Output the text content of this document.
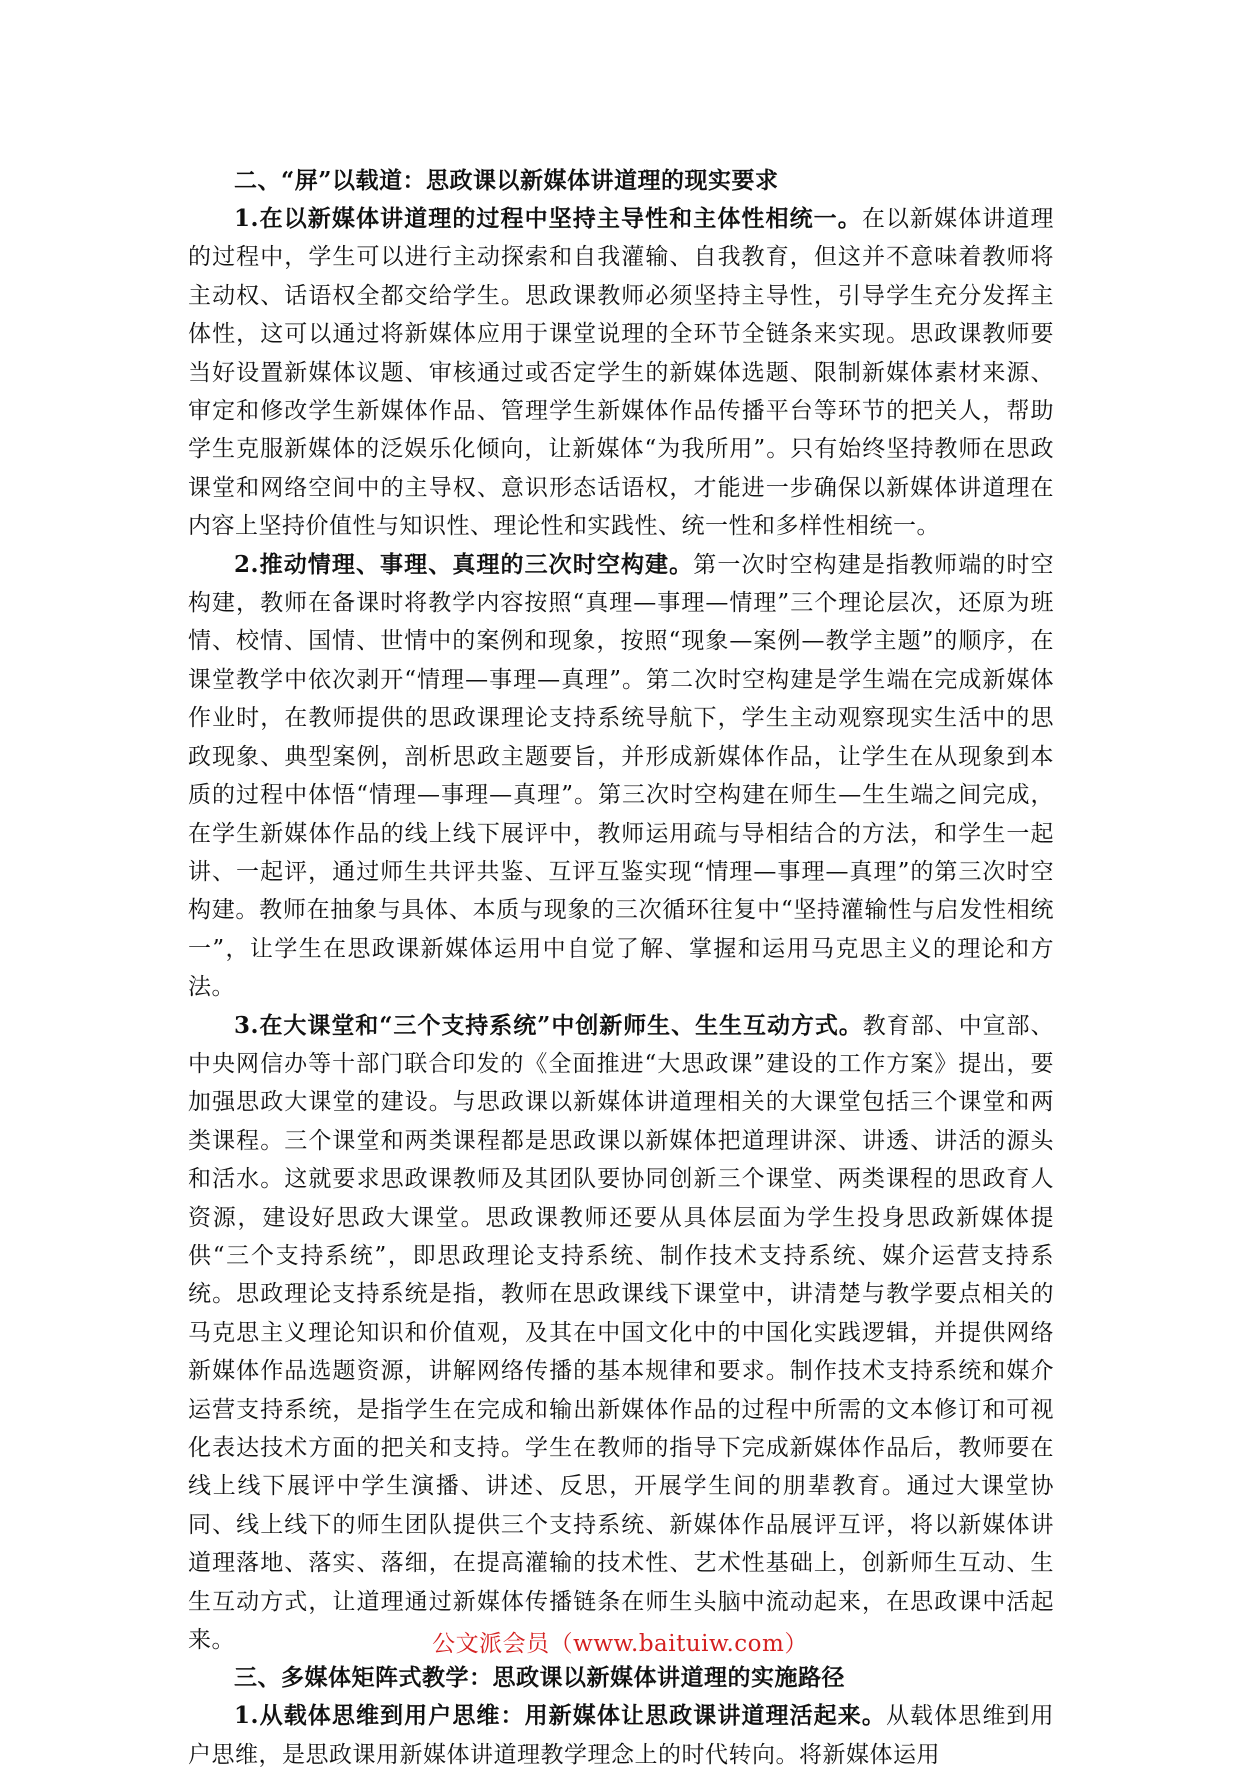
二、“屏”以载道：思政课以新媒体讲道理的现实要求

1.在以新媒体讲道理的过程中坚持主导性和主体性相统一。在以新媒体讲道理的过程中，学生可以进行主动探索和自我灌输、自我教育，但这并不意味着教师将主动权、话语权全都交给学生。思政课教师必须坚持主导性，引导学生充分发挥主体性，这可以通过将新媒体应用于课堂说理的全环节全链条来实现。思政课教师要当好设置新媒体议题、审核通过或否定学生的新媒体选题、限制新媒体素材来源、审定和修改学生新媒体作品、管理学生新媒体作品传播平台等环节的把关人，帮助学生克服新媒体的泛娱乐化倾向，让新媒体“为我所用”。只有始终坚持教师在思政课堂和网络空间中的主导权、意识形态话语权，才能进一步确保以新媒体讲道理在内容上坚持价值性与知识性、理论性和实践性、统一性和多样性相统一。

2.推动情理、事理、真理的三次时空构建。第一次时空构建是指教师端的时空构建，教师在备课时将教学内容按照“真理—事理—情理”三个理论层次，还原为班情、校情、国情、世情中的案例和现象，按照“现象—案例—教学主题”的顺序，在课堂教学中依次剥开“情理—事理—真理”。第二次时空构建是学生端在完成新媒体作业时，在教师提供的思政课理论支持系统导航下，学生主动观察现实生活中的思政现象、典型案例，剖析思政主题要旨，并形成新媒体作品，让学生在从现象到本质的过程中体悟“情理—事理—真理”。第三次时空构建在师生—生生端之间完成，在学生新媒体作品的线上线下展评中，教师运用疏与导相结合的方法，和学生一起讲、一起评，通过师生共评共鉴、互评互鉴实现“情理—事理—真理”的第三次时空构建。教师在抽象与具体、本质与现象的三次循环往复中“坚持灌输性与启发性相统一”，让学生在思政课新媒体运用中自觉了解、掌握和运用马克思主义的理论和方法。

3.在大课堂和“三个支持系统”中创新师生、生生互动方式。教育部、中宣部、中央网信办等十部门联合印发的《全面推进“大思政课”建设的工作方案》提出，要加强思政大课堂的建设。与思政课以新媒体讲道理相关的大课堂包括三个课堂和两类课程。三个课堂和两类课程都是思政课以新媒体把道理讲深、讲透、讲活的源头和活水。这就要求思政课教师及其团队要协同创新三个课堂、两类课程的思政育人资源，建设好思政大课堂。思政课教师还要从具体层面为学生投身思政新媒体提供“三个支持系统”，即思政理论支持系统、制作技术支持系统、媒介运营支持系统。思政理论支持系统是指，教师在思政课线下课堂中，讲清楚与教学要点相关的马克思主义理论知识和价值观，及其在中国文化中的中国化实践逻辑，并提供网络新媒体作品选题资源，讲解网络传播的基本规律和要求。制作技术支持系统和媒介运营支持系统，是指学生在完成和输出新媒体作品的过程中所需的文本修订和可视化表达技术方面的把关和支持。学生在教师的指导下完成新媒体作品后，教师要在线上线下展评中学生演播、讲述、反思，开展学生间的朋辈教育。通过大课堂协同、线上线下的师生团队提供三个支持系统、新媒体作品展评互评，将以新媒体讲道理落地、落实、落细，在提高灌输的技术性、艺术性基础上，创新师生互动、生生互动方式，让道理通过新媒体传播链条在师生头脑中流动起来，在思政课中活起来。

三、多媒体矩阵式教学：思政课以新媒体讲道理的实施路径

1.从载体思维到用户思维：用新媒体让思政课讲道理活起来。从载体思维到用户思维，是思政课用新媒体讲道理教学理念上的时代转向。将新媒体运用

公文派会员（www.baituiw.com）
